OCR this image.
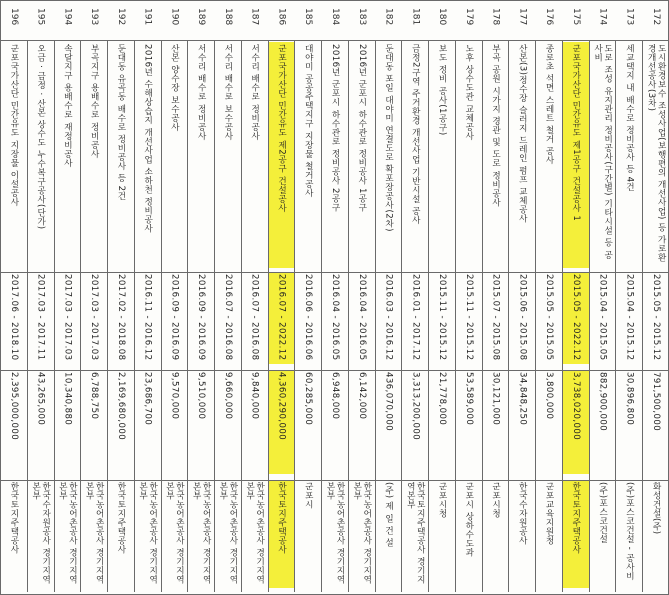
172
도시환경보수 조성사업(보행편의 개선사업) 등 가로환경개선공사(3차)
2015.05 - 2015.12
791,500,000
화성건설(주)
173
세교택지 내 배수로 정비공사 등 4건
2015.04 - 2015.12
30,896,800
(주)포스코건설 - 공사비
174
도로 조성 유지관리 정비공사(구간별) 기타시설 등 공사비
2015.04 - 2015.05
882,900,000
(주)포스코건설
175
군포국가산단 민간유도 제1공구 건설공사 1
2015.05 - 2022.12
3,738,020,000
한국토지주택공사
176
종로초 석면 스레트 철거 공사
2015.05 - 2015.05
3,800,000
군포교육지원청
177
산본(3)정수장 슬러지 드레인 펌프 교체공사
2015.06 - 2015.08
34,848,250
한국수자원공사
178
부곡 공원 시가지 경관 및 도로 정비공사
2015.07 - 2015.08
30,121,000
군포시청
179
노후 상수도관 교체공사
2015.11 - 2015.12
53,589,000
군포시 상하수도과
180
보도 정비 공사(1공구)
2015.11 - 2015.12
21,778,000
군포시청
181
금정2구역 주거환경 개선사업 기반시설 공사
2016.01 - 2017.12
3,313,200,000
한국토지주택공사 경기지역본부
182
둔대동 포일 대야미 연결도로 확포장공사(2차)
2016.03 - 2016.12
436,070,000
(주) 제 일 건 설
183
2016년 군포시 하수관로 정비공사 1공구
2016.04 - 2016.05
6,142,000
한국농어촌공사 경기지역본부
184
2016년 군포시 하수관로 정비공사 2공구
2016.04 - 2016.05
6,948,000
한국농어촌공사 경기지역본부
185
대야미 공공주택지구 지장물 철거공사
2016.06 - 2016.06
60,285,000
군포시
186
군포국가산단 민간유도 제2공구 건설공사
2016.07 - 2022.12
4,360,290,000
한국토지주택공사
187
서수리 배수로 정비공사
2016.07 - 2016.08
9,840,000
한국농어촌공사 경기지역본부
188
서수리 배수로 보수공사
2016.07 - 2016.08
9,660,000
한국농어촌공사 경기지역본부
189
서수리 배수로 정비공사
2016.09 - 2016.09
9,510,000
한국농어촌공사 경기지역본부
190
산본 양수장 보수공사
2016.09 - 2016.09
9,570,000
한국농어촌공사 경기지역본부
191
2016년 수해상습지 개선사업 소하천 정비공사
2016.11 - 2016.12
23,686,700
한국농어촌공사 경기지역본부
192
둔대동 유곡동 배수로 정비공사 등 2건
2017.02 - 2018.08
2,169,680,000
한국토지주택공사
193
부곡지구 용배수로 정비공사
2017.03 - 2017.03
6,788,750
한국농어촌공사 경기지역본부
194
속달지구 용배수로 재정비공사
2017.03 - 2017.03
10,340,880
한국농어촌공사 경기지역본부
195
오금 · 금정 · 산본 상수도 누수복구공사(단가)
2017.03 - 2017.11
43,265,000
한국수자원공사 경기지역본부
196
군포국가산단 민간유도 지장물 이설공사
2017.06 - 2018.10
2,395,000,000
한국토지주택공사
